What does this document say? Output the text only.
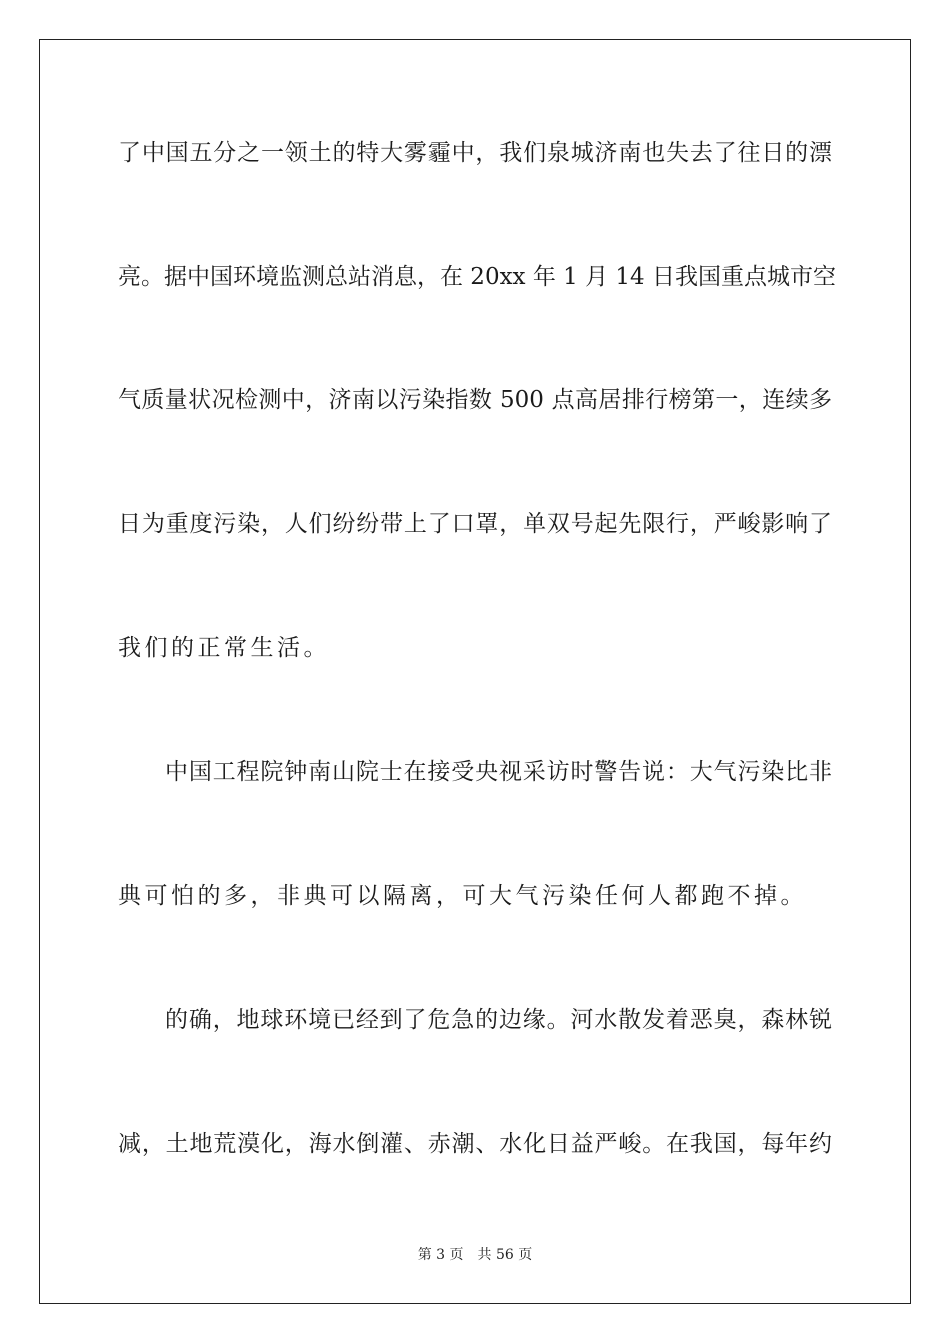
了中国五分之一领土的特大雾霾中，我们泉城济南也失去了往日的漂
亮。据中国环境监测总站消息，在 20xx 年 1 月 14 日我国重点城市空
气质量状况检测中，济南以污染指数 500 点高居排行榜第一，连续多
日为重度污染，人们纷纷带上了口罩，单双号起先限行，严峻影响了
我们的正常生活。
中国工程院钟南山院士在接受央视采访时警告说：大气污染比非
典可怕的多，非典可以隔离，可大气污染任何人都跑不掉。
的确，地球环境已经到了危急的边缘。河水散发着恶臭，森林锐
减，土地荒漠化，海水倒灌、赤潮、水化日益严峻。在我国，每年约
第 3 页 共 56 页
